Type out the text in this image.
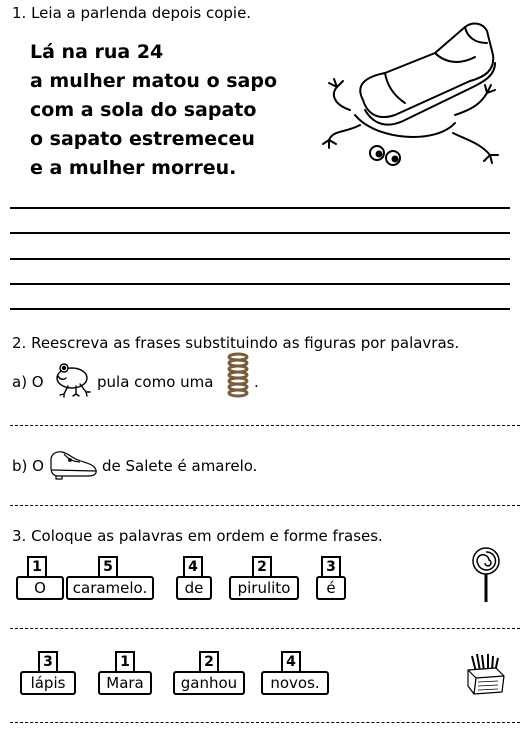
1. Leia a parlenda depois copie.
Lá na rua 24
a mulher matou o sapo
com a sola do sapato
o sapato estremeceu
e a mulher morreu.
2. Reescreva as frases substituindo as figuras por palavras.
a) O	pula como uma	.
b) O	de Salete é amarelo.
3. Coloque as palavras em ordem e forme frases.
1
O
5
caramelo.
4
de
2
pirulito
3
é
3
lápis
1
Mara
2
ganhou
4
novos.
